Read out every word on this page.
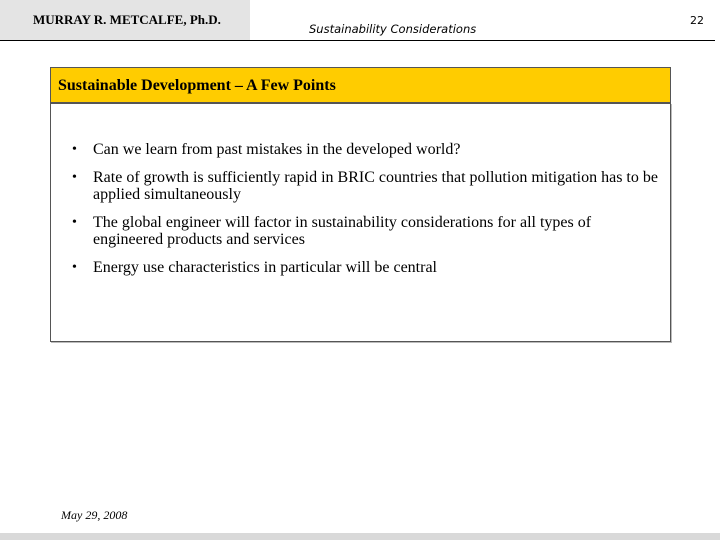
MURRAY R. METCALFE, Ph.D.
Sustainability Considerations
22
Sustainable Development – A Few Points
• Can we learn from past mistakes in the developed world?
• Rate of growth is sufficiently rapid in BRIC countries that pollution mitigation has to be applied simultaneously
• The global engineer will factor in sustainability considerations for all types of engineered products and services
• Energy use characteristics in particular will be central
May 29, 2008
